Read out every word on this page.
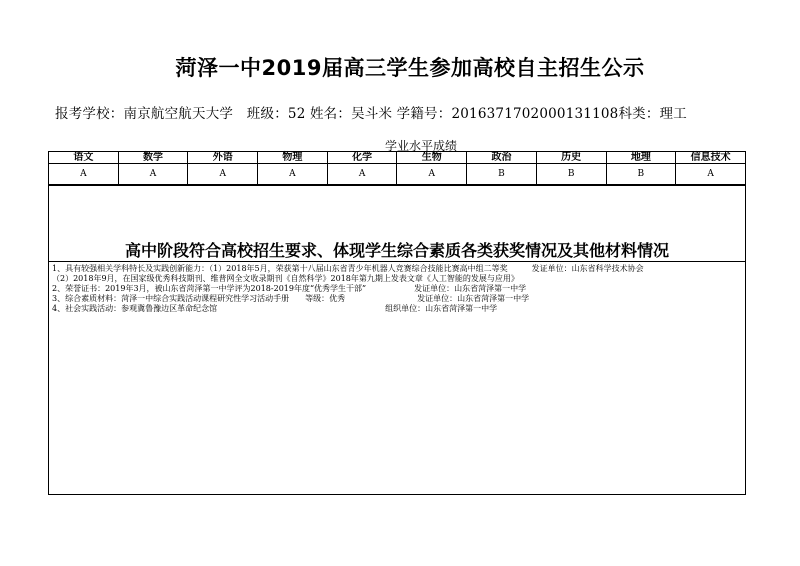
菏泽一中2019届高三学生参加高校自主招生公示
报考学校：南京航空航天大学　班级：52 姓名：吴斗米 学籍号：201637170200013​1108科类：理工
学业水平成绩
语文	数学	外语	物理	化学	生物	政治	历史	地理	信息技术
A	A	A	A	A	A	B	B	B	A
高中阶段符合高校招生要求、体现学生综合素质各类获奖情况及其他材料情况
1、具有较强相关学科特长及实践创新能力：（1）2018年5月，荣获第十八届山东省青少年机器人竞赛综合技能比赛高中组二等奖　　　发证单位：山东省科学技术协会
（2）2018年9月，在国家级优秀科技期刊、维普网全文收录期刊《自然科学》2018年第九期上发表文章《人工智能的发展与应用》
2、荣誉证书：2019年3月，被山东省菏泽第一中学评为2018-2019年度“优秀学生干部”　　　　　　发证单位：山东省菏泽第一中学
3、综合素质材料：菏泽一中综合实践活动课程研究性学习活动手册　　等级：优秀　　　　　　　　　发证单位：山东省菏泽第一中学
4、社会实践活动：参观冀鲁豫边区革命纪念馆　　　　　　　　　　　　　　　　　　　　　组织单位：山东省菏泽第一中学
